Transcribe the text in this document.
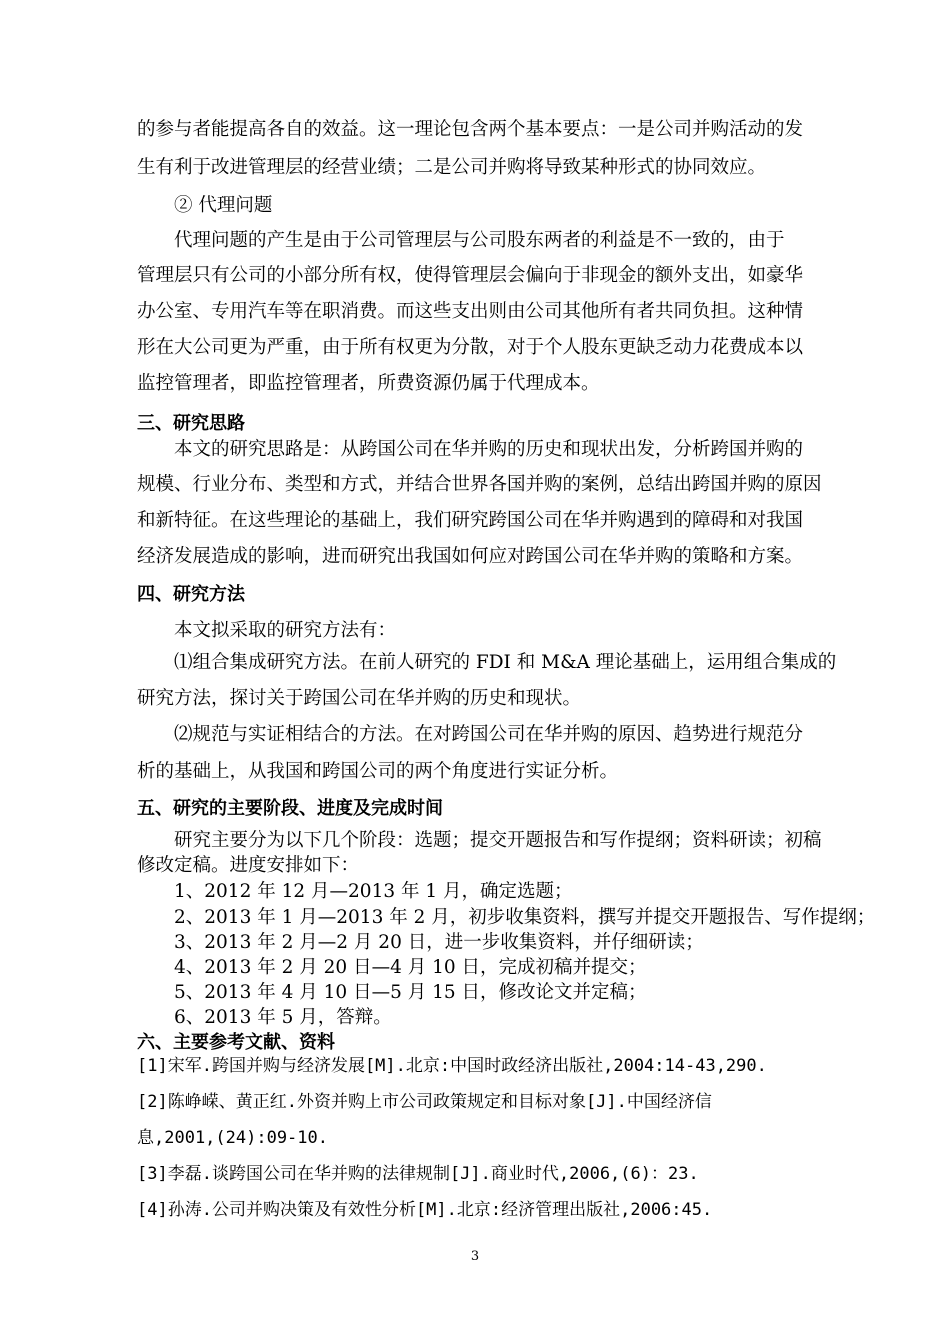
的参与者能提高各自的效益。这一理论包含两个基本要点：一是公司并购活动的发
生有利于改进管理层的经营业绩；二是公司并购将导致某种形式的协同效应。
② 代理问题
代理问题的产生是由于公司管理层与公司股东两者的利益是不一致的，由于
管理层只有公司的小部分所有权，使得管理层会偏向于非现金的额外支出，如豪华
办公室、专用汽车等在职消费。而这些支出则由公司其他所有者共同负担。这种情
形在大公司更为严重，由于所有权更为分散，对于个人股东更缺乏动力花费成本以
监控管理者，即监控管理者，所费资源仍属于代理成本。
三、研究思路
本文的研究思路是：从跨国公司在华并购的历史和现状出发，分析跨国并购的
规模、行业分布、类型和方式，并结合世界各国并购的案例，总结出跨国并购的原因
和新特征。在这些理论的基础上，我们研究跨国公司在华并购遇到的障碍和对我国
经济发展造成的影响，进而研究出我国如何应对跨国公司在华并购的策略和方案。
四、研究方法
本文拟采取的研究方法有：
⑴组合集成研究方法。在前人研究的 FDI 和 M&A 理论基础上，运用组合集成的
研究方法，探讨关于跨国公司在华并购的历史和现状。
⑵规范与实证相结合的方法。在对跨国公司在华并购的原因、趋势进行规范分
析的基础上，从我国和跨国公司的两个角度进行实证分析。
五、研究的主要阶段、进度及完成时间
研究主要分为以下几个阶段：选题；提交开题报告和写作提纲；资料研读；初稿
修改定稿。进度安排如下：
1、2012 年 12 月—2013 年 1 月，确定选题；
2、2013 年 1 月—2013 年 2 月，初步收集资料，撰写并提交开题报告、写作提纲；
3、2013 年 2 月—2 月 20 日，进一步收集资料，并仔细研读；
4、2013 年 2 月 20 日—4 月 10 日，完成初稿并提交；
5、2013 年 4 月 10 日—5 月 15 日，修改论文并定稿；
6、2013 年 5 月，答辩。
六、主要参考文献、资料
[1]宋军.跨国并购与经济发展[M].北京:中国时政经济出版社,2004:14-43,290.
[2]陈峥嵘、黄正红.外资并购上市公司政策规定和目标对象[J].中国经济信
息,2001,(24):09-10.
[3]李磊.谈跨国公司在华并购的法律规制[J].商业时代,2006,(6)：23.
[4]孙涛.公司并购决策及有效性分析[M].北京:经济管理出版社,2006:45.
3
